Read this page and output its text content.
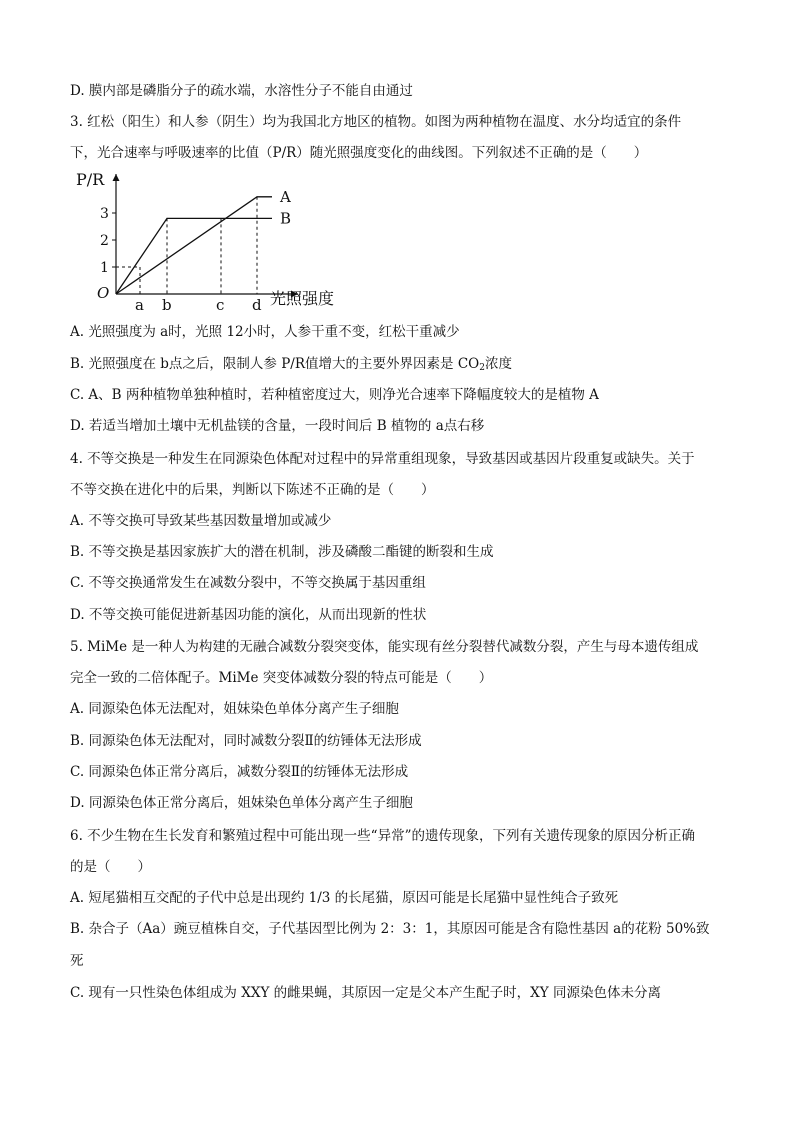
D. 膜内部是磷脂分子的疏水端，水溶性分子不能自由通过
3. 红松（阳生）和人参（阴生）均为我国北方地区的植物。如图为两种植物在温度、水分均适宜的条件
下，光合速率与呼吸速率的比值（P/R）随光照强度变化的曲线图。下列叙述不正确的是（　　）
A. 光照强度为 a时，光照 12小时，人参干重不变，红松干重减少
B. 光照强度在 b点之后，限制人参 P/R值增大的主要外界因素是 $CO_2$浓度
C. A、B 两种植物单独种植时，若种植密度过大，则净光合速率下降幅度较大的是植物 A
D. 若适当增加土壤中无机盐镁的含量，一段时间后 B 植物的 a点右移
4. 不等交换是一种发生在同源染色体配对过程中的异常重组现象，导致基因或基因片段重复或缺失。关于
不等交换在进化中的后果，判断以下陈述不正确的是（　　）
A. 不等交换可导致某些基因数量增加或减少
B. 不等交换是基因家族扩大的潜在机制，涉及磷酸二酯键的断裂和生成
C. 不等交换通常发生在减数分裂中，不等交换属于基因重组
D. 不等交换可能促进新基因功能的演化，从而出现新的性状
5. MiMe 是一种人为构建的无融合减数分裂突变体，能实现有丝分裂替代减数分裂，产生与母本遗传组成
完全一致的二倍体配子。MiMe 突变体减数分裂的特点可能是（　　）
A. 同源染色体无法配对，姐妹染色单体分离产生子细胞
B. 同源染色体无法配对，同时减数分裂Ⅱ的纺锤体无法形成
C. 同源染色体正常分离后，减数分裂Ⅱ的纺锤体无法形成
D. 同源染色体正常分离后，姐妹染色单体分离产生子细胞
6. 不少生物在生长发育和繁殖过程中可能出现一些“异常”的遗传现象，下列有关遗传现象的原因分析正确
的是（　　）
A. 短尾猫相互交配的子代中总是出现约 1/3 的长尾猫，原因可能是长尾猫中显性纯合子致死
B. 杂合子（Aa）豌豆植株自交，子代基因型比例为 2：3：1，其原因可能是含有隐性基因 a的花粉 50%致
死
C. 现有一只性染色体组成为 XXY 的雌果蝇，其原因一定是父本产生配子时，XY 同源染色体未分离
1
2
3
a b	c d
A
B
P/R
光照强度
O
